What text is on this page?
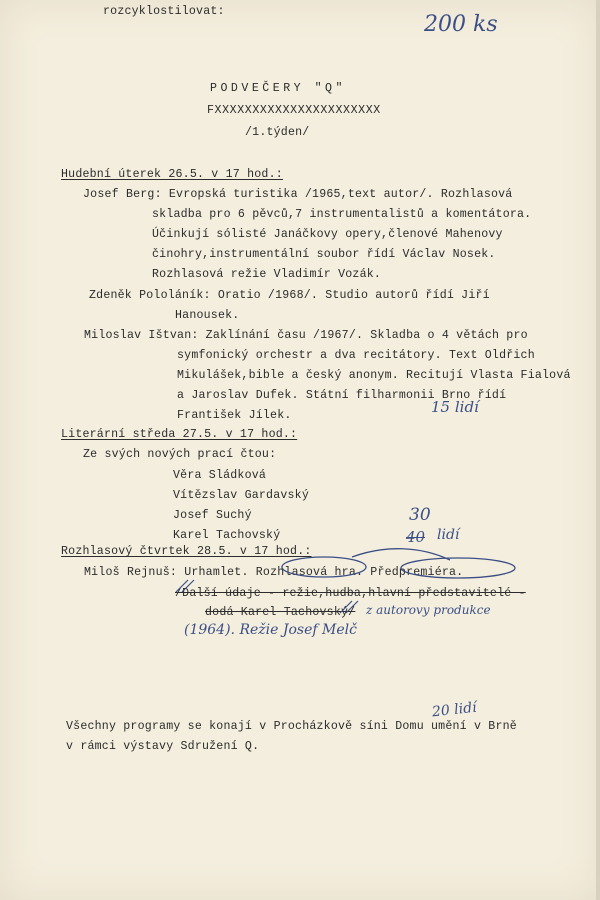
rozcyklostilovat:
200 ks
PODVEČERY "Q"
FXXXXXXXXXXXXXXXXXXXXXX
/1.týden/
Hudební úterek 26.5. v 17 hod.:
Josef Berg: Evropská turistika /1965,text autor/. Rozhlasová
skladba pro 6 pěvců,7 instrumentalistů a komentátora.
Účinkují sólisté Janáčkovy opery,členové Mahenovy
činohry,instrumentální soubor řídí Václav Nosek.
Rozhlasová režie Vladimír Vozák.
Zdeněk Pololáník: Oratio /1968/. Studio autorů řídí Jiří
Hanousek.
Miloslav Ištvan: Zaklínání času /1967/. Skladba o 4 větách pro
symfonický orchestr a dva recitátory. Text Oldřich
Mikulášek,bible a český anonym. Recitují Vlasta Fialová
a Jaroslav Dufek. Státní filharmonii Brno řídí
František Jílek.	15 lidí
Literární středa 27.5. v 17 hod.:
Ze svých nových prací čtou:
Věra Sládková
Vítězslav Gardavský
Josef Suchý
Karel Tachovský
30
40 lidí
Rozhlasový čtvrtek 28.5. v 17 hod.:
Miloš Rejnuš: Urhamlet. Rozhlasová hra. Předpremiéra.
/Další údaje - režie,hudba,hlavní představitelé -
dodá Karel Tachovský/ z autorovy produkce
(1964). Režie Josef Melč
20 lidí
Všechny programy se konají v Procházkově síni Domu umění v Brně
v rámci výstavy Sdružení Q.
